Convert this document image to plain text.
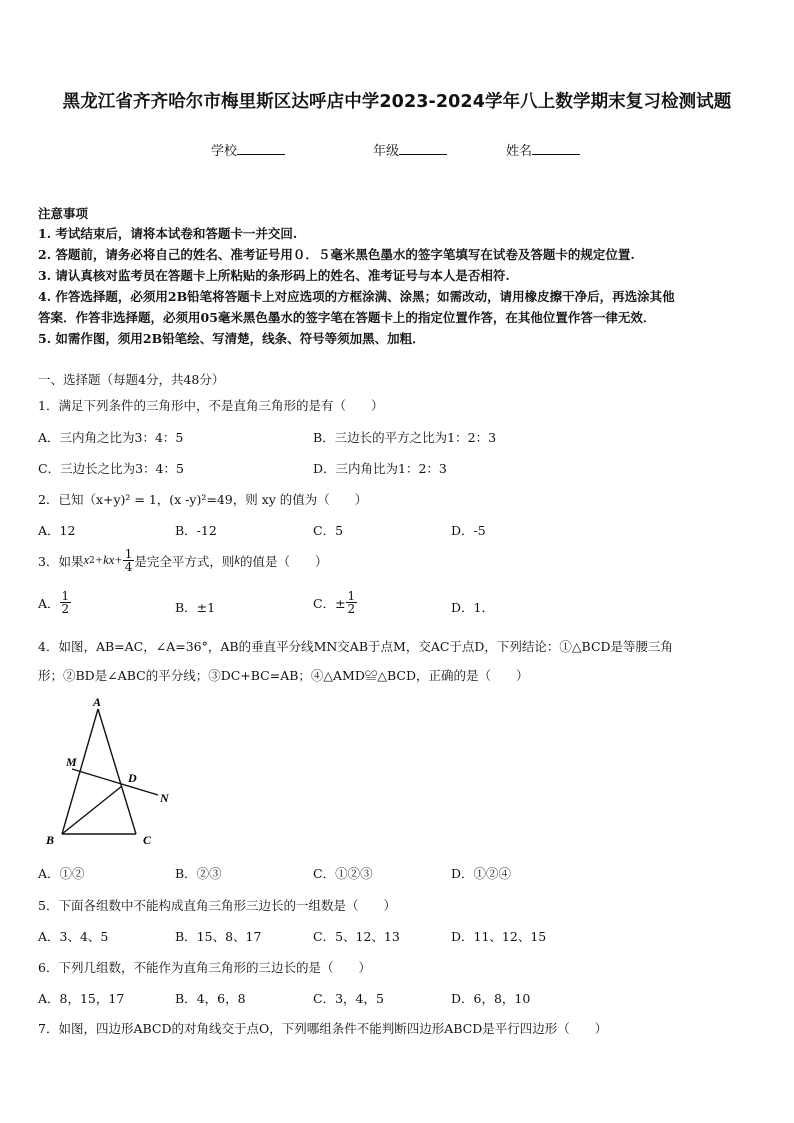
黑龙江省齐齐哈尔市梅里斯区达呼店中学2023-2024学年八上数学期末复习检测试题
学校	年级	姓名
注意事项
1. 考试结束后，请将本试卷和答题卡一并交回.
2. 答题前，请务必将自己的姓名、准考证号用０．５毫米黑色墨水的签字笔填写在试卷及答题卡的规定位置.
3. 请认真核对监考员在答题卡上所粘贴的条形码上的姓名、准考证号与本人是否相符.
4. 作答选择题，必须用2B铅笔将答题卡上对应选项的方框涂满、涂黑；如需改动，请用橡皮擦干净后，再选涂其他
答案．作答非选择题，必须用05毫米黑色墨水的签字笔在答题卡上的指定位置作答，在其他位置作答一律无效．
5. 如需作图，须用2B铅笔绘、写清楚，线条、符号等须加黑、加粗．
一、选择题（每题4分，共48分）
1．满足下列条件的三角形中，不是直角三角形的是有（　　）
A．三内角之比为3：4：5	B．三边长的平方之比为1：2：3
C．三边长之比为3：4：5	D．三内角比为1：2：3
2．已知（x+y)² = 1，(x -y)²=49，则 xy 的值为（　　）
A．12	B．-12	C．5	D．-5
3．如果 x $2 +kx+ \frac{1}{4}$ 是完全平方式，则 k 的值是（　　）
A． $\frac{1}{2}$	B．±1	C．± $\frac{1}{2}$	D．1．
4．如图，AB=AC，∠A=36°，AB的垂直平分线MN交AB于点M，交AC于点D，下列结论：①△BCD是等腰三角
形；②BD是∠ABC的平分线；③DC+BC=AB；④△AMD≌△BCD，正确的是（　　）
A
M
D
N
B	C
A．①②	B．②③	C．①②③	D．①②④
5．下面各组数中不能构成直角三角形三边长的一组数是（　　）
A．3、4、5	B．15、8、17	C．5、12、13	D．11、12、15
6．下列几组数，不能作为直角三角形的三边长的是（　　）
A．8，15，17	B．4，6，8	C．3，4，5	D．6，8，10
7．如图，四边形ABCD的对角线交于点O，下列哪组条件不能判断四边形ABCD是平行四边形（　　）
